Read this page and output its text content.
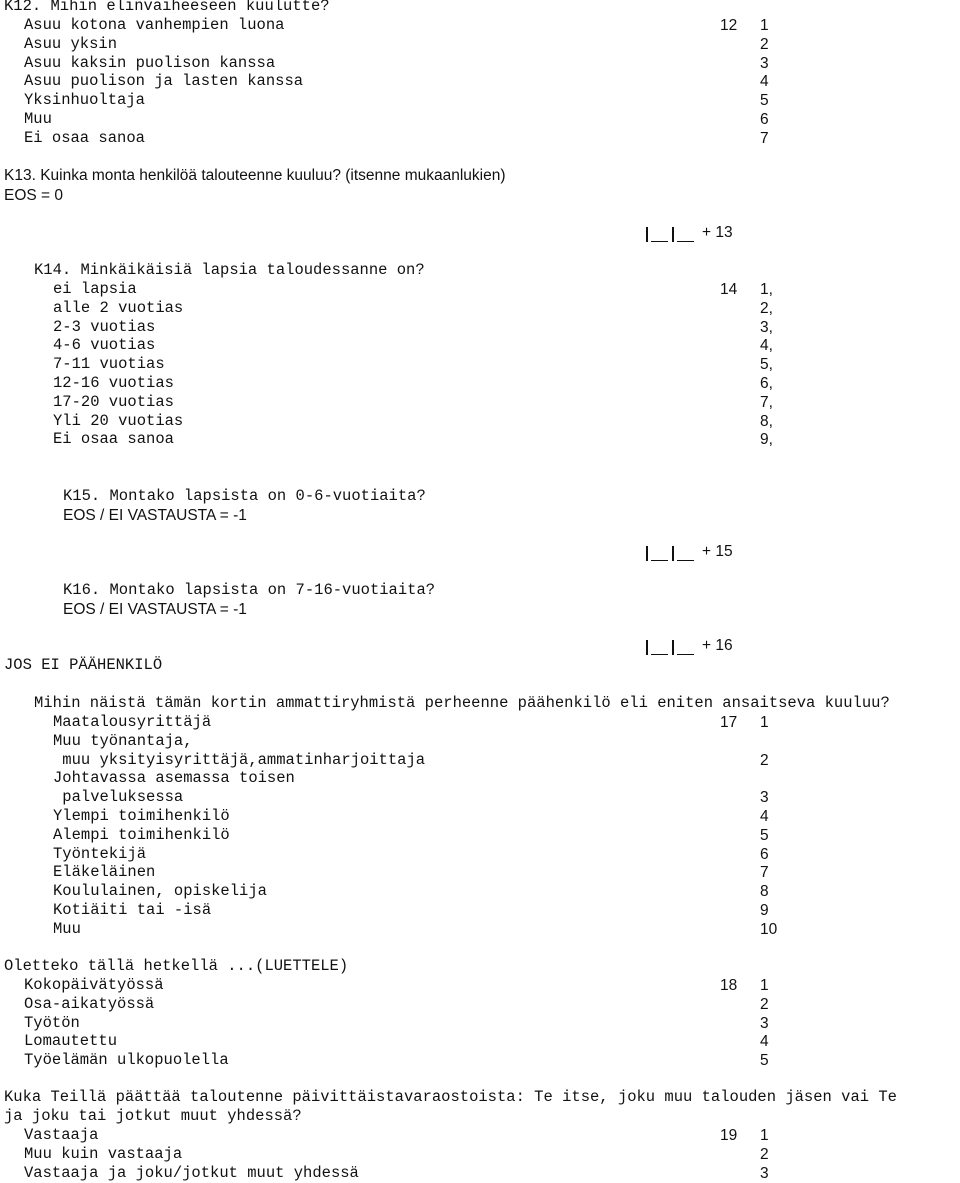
K12. Mihin elinvaiheeseen kuulutte?
12
Asuu kotona vanhempien luona	1
Asuu yksin	2
Asuu kaksin puolison kanssa	3
Asuu puolison ja lasten kanssa	4
Yksinhuoltaja	5
Muu	6
Ei osaa sanoa	7
K13. Kuinka monta henkilöä talouteenne kuuluu? (itsenne mukaanlukien)
EOS = 0
+ 13
K14. Minkäikäisiä lapsia taloudessanne on?
14
ei lapsia	1,
alle 2 vuotias	2,
2-3 vuotias	3,
4-6 vuotias	4,
7-11 vuotias	5,
12-16 vuotias	6,
17-20 vuotias	7,
Yli 20 vuotias	8,
Ei osaa sanoa	9,
K15. Montako lapsista on 0-6-vuotiaita?
EOS / EI VASTAUSTA = -1
+ 15
K16. Montako lapsista on 7-16-vuotiaita?
EOS / EI VASTAUSTA = -1
+ 16
JOS EI PÄÄHENKILÖ
Mihin näistä tämän kortin ammattiryhmistä perheenne päähenkilö eli eniten ansaitseva kuuluu?
17
Maatalousyrittäjä	1
Muu työnantaja,
muu yksityisyrittäjä,ammatinharjoittaja	2
Johtavassa asemassa toisen
palveluksessa	3
Ylempi toimihenkilö	4
Alempi toimihenkilö	5
Työntekijä	6
Eläkeläinen	7
Koululainen, opiskelija	8
Kotiäiti tai -isä	9
Muu	10
Oletteko tällä hetkellä ...(LUETTELE)
18
Kokopäivätyössä	1
Osa-aikatyössä	2
Työtön	3
Lomautettu	4
Työelämän ulkopuolella	5
Kuka Teillä päättää taloutenne päivittäistavaraostoista: Te itse, joku muu talouden jäsen vai Te
ja joku tai jotkut muut yhdessä?
19
Vastaaja	1
Muu kuin vastaaja	2
Vastaaja ja joku/jotkut muut yhdessä	3
